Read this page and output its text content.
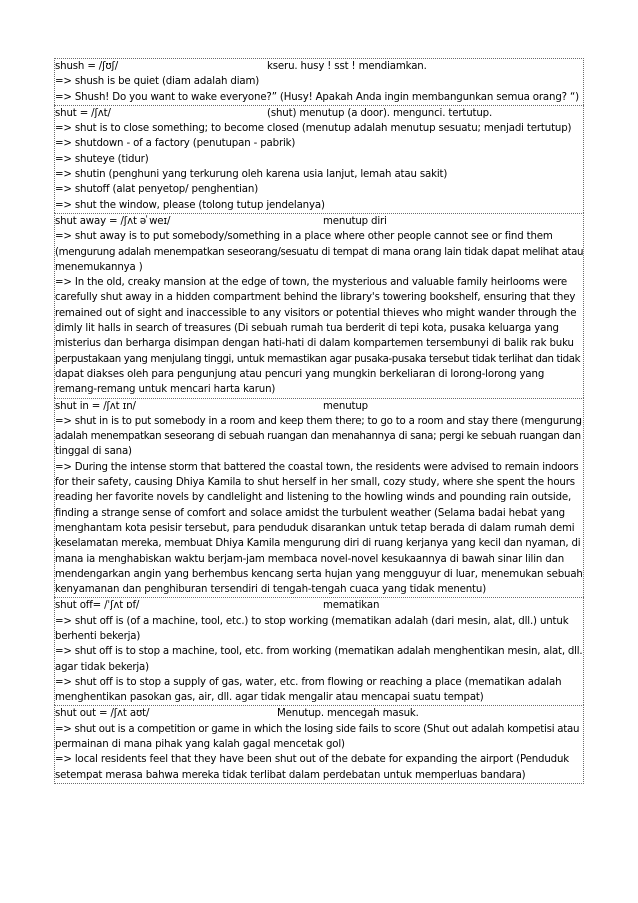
shush = /ʃʊʃ/	kseru. husy ! sst ! mendiamkan.
=> shush is be quiet (diam adalah diam)
=> Shush! Do you want to wake everyone?” (Husy! Apakah Anda ingin membangunkan semua orang? “)
shut = /ʃʌt/	(shut) menutup (a door). mengunci. tertutup.
=> shut is to close something; to become closed (menutup adalah menutup sesuatu; menjadi tertutup)
=> shutdown - of a factory (penutupan - pabrik)
=> shuteye (tidur)
=> shutin (penghuni yang terkurung oleh karena usia lanjut, lemah atau sakit)
=> shutoff (alat penyetop/ penghentian)
=> shut the window, please (tolong tutup jendelanya)
shut away = /ʃʌt ə ̍weɪ/	menutup diri
=> shut away is to put somebody/something in a place where other people cannot see or find them
(mengurung adalah menempatkan seseorang/sesuatu di tempat di mana orang lain tidak dapat melihat atau
menemukannya )
=> In the old, creaky mansion at the edge of town, the mysterious and valuable family heirlooms were
carefully shut away in a hidden compartment behind the library's towering bookshelf, ensuring that they
remained out of sight and inaccessible to any visitors or potential thieves who might wander through the
dimly lit halls in search of treasures (Di sebuah rumah tua berderit di tepi kota, pusaka keluarga yang
misterius dan berharga disimpan dengan hati-hati di dalam kompartemen tersembunyi di balik rak buku
perpustakaan yang menjulang tinggi, untuk memastikan agar pusaka-pusaka tersebut tidak terlihat dan tidak
dapat diakses oleh para pengunjung atau pencuri yang mungkin berkeliaran di lorong-lorong yang
remang-remang untuk mencari harta karun)
shut in = /ʃʌt ɪn/	menutup
=> shut in is to put somebody in a room and keep them there; to go to a room and stay there (mengurung
adalah menempatkan seseorang di sebuah ruangan dan menahannya di sana; pergi ke sebuah ruangan dan
tinggal di sana)
=> During the intense storm that battered the coastal town, the residents were advised to remain indoors
for their safety, causing Dhiya Kamila to shut herself in her small, cozy study, where she spent the hours
reading her favorite novels by candlelight and listening to the howling winds and pounding rain outside,
finding a strange sense of comfort and solace amidst the turbulent weather (Selama badai hebat yang
menghantam kota pesisir tersebut, para penduduk disarankan untuk tetap berada di dalam rumah demi
keselamatan mereka, membuat Dhiya Kamila mengurung diri di ruang kerjanya yang kecil dan nyaman, di
mana ia menghabiskan waktu berjam-jam membaca novel-novel kesukaannya di bawah sinar lilin dan
mendengarkan angin yang berhembus kencang serta hujan yang mengguyur di luar, menemukan sebuah
kenyamanan dan penghiburan tersendiri di tengah-tengah cuaca yang tidak menentu)
shut off= /ˈʃʌt ɒf/	mematikan
=> shut off is (of a machine, tool, etc.) to stop working (mematikan adalah (dari mesin, alat, dll.) untuk
berhenti bekerja)
=> shut off is to stop a machine, tool, etc. from working (mematikan adalah menghentikan mesin, alat, dll.
agar tidak bekerja)
=> shut off is to stop a supply of gas, water, etc. from flowing or reaching a place (mematikan adalah
menghentikan pasokan gas, air, dll. agar tidak mengalir atau mencapai suatu tempat)
shut out = /ʃʌt aʊt/	Menutup. mencegah masuk.
=> shut out is a competition or game in which the losing side fails to score (Shut out adalah kompetisi atau
permainan di mana pihak yang kalah gagal mencetak gol)
=> local residents feel that they have been shut out of the debate for expanding the airport (Penduduk
setempat merasa bahwa mereka tidak terlibat dalam perdebatan untuk memperluas bandara)
